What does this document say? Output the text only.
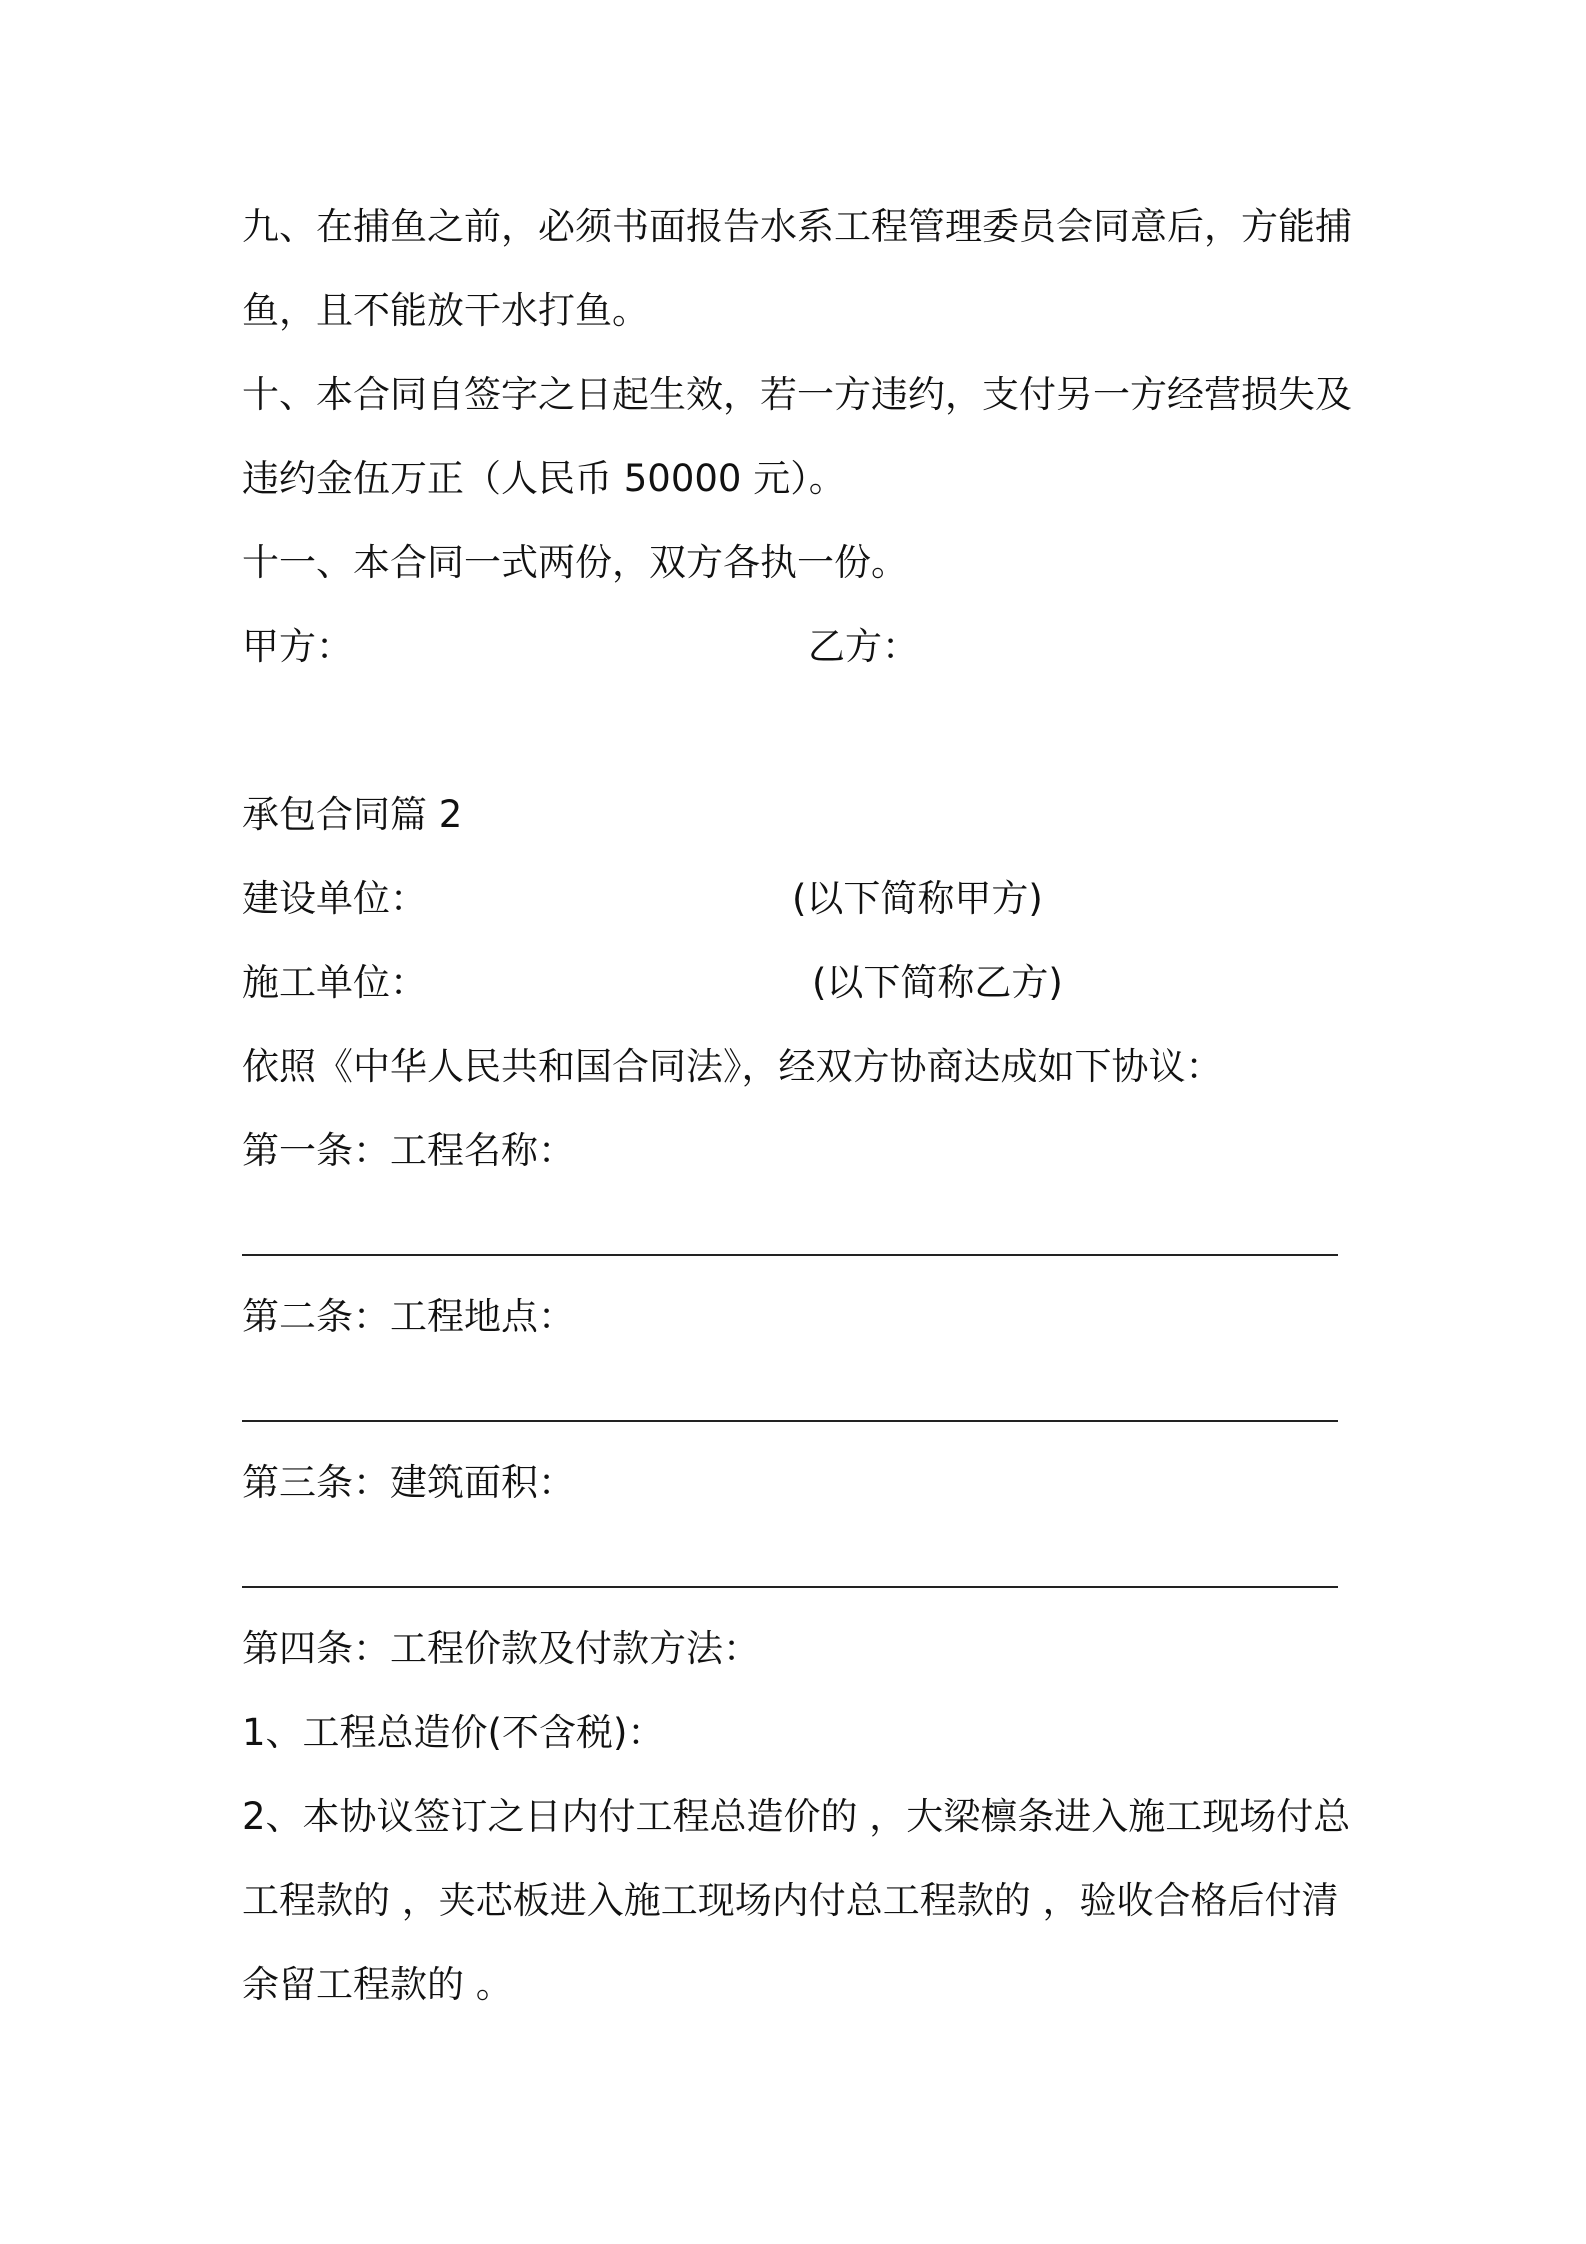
九、在捕鱼之前，必须书面报告水系工程管理委员会同意后，方能捕

鱼，且不能放干水打鱼。

十、本合同自签字之日起生效，若一方违约，支付另一方经营损失及

违约金伍万正（人民币 50000 元）。

十一、本合同一式两份，双方各执一份。

甲方：	乙方：

承包合同篇 2

建设单位：	(以下简称甲方)

施工单位：	(以下简称乙方)

依照《中华人民共和国合同法》，经双方协商达成如下协议：

第一条：工程名称：

第二条：工程地点：

第三条：建筑面积：

第四条：工程价款及付款方法：

1、工程总造价(不含税)：

2、本协议签订之日内付工程总造价的 ，大梁檩条进入施工现场付总

工程款的 ，夹芯板进入施工现场内付总工程款的 ，验收合格后付清

余留工程款的 。
